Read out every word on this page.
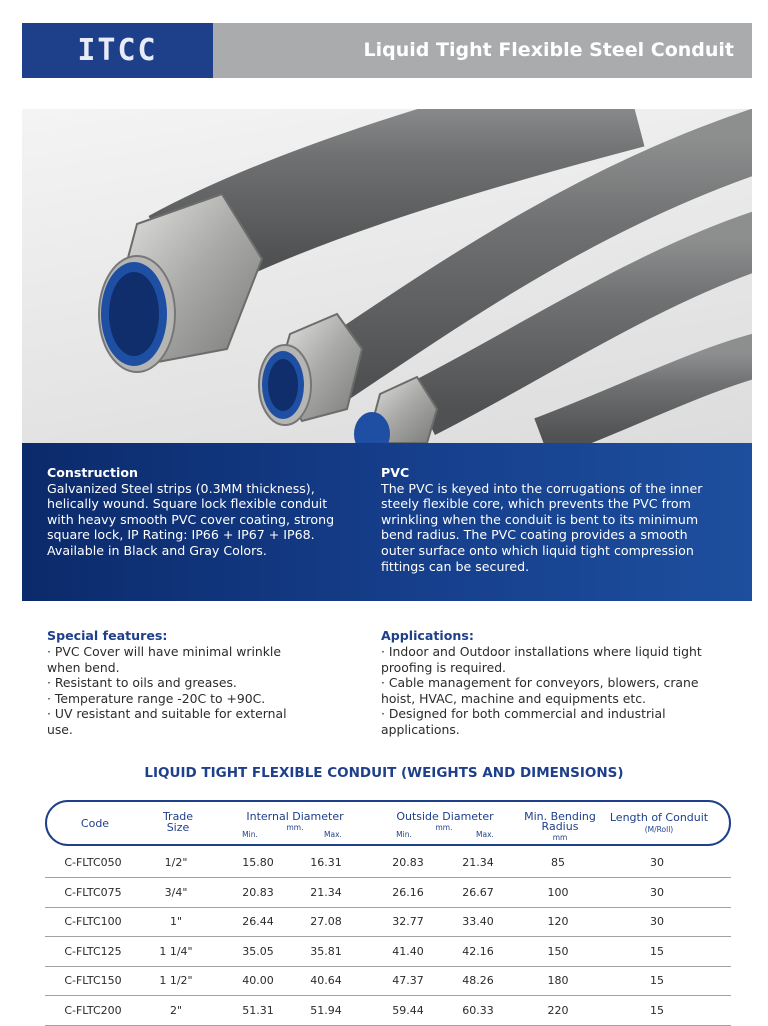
ITCC	Liquid Tight Flexible Steel Conduit
Construction

Galvanized Steel strips (0.3MM thickness),

helically wound. Square lock flexible conduit

with heavy smooth PVC cover coating, strong

square lock, IP Rating: IP66 + IP67 + IP68.

Available in Black and Gray Colors.

PVC

The PVC is keyed into the corrugations of the inner

steely flexible core, which prevents the PVC from

wrinkling when the conduit is bent to its minimum

bend radius. The PVC coating provides a smooth

outer surface onto which liquid tight compression

fittings can be secured.

Special features:
· PVC Cover will have minimal wrinkle
when bend.
· Resistant to oils and greases.
· Temperature range -20C to +90C.
· UV resistant and suitable for external
use.
Applications:
· Indoor and Outdoor installations where liquid tight
proofing is required.
· Cable management for conveyors, blowers, crane
hoist, HVAC, machine and equipments etc.
· Designed for both commercial and industrial
applications.
LIQUID TIGHT FLEXIBLE CONDUIT (WEIGHTS AND DIMENSIONS)
Code
Trade
Size
Internal Diameter
mm.
Min.	Max.
Outside Diameter
mm.
Min.	Max.
Min. Bending
Radius
mm
Length of Conduit
(M/Roll)
C-FLTC050	1/2"	15.80	16.31	20.83	21.34	85	30
C-FLTC075	3/4"	20.83	21.34	26.16	26.67	100	30
C-FLTC100	1"	26.44	27.08	32.77	33.40	120	30
C-FLTC125	1 1/4"	35.05	35.81	41.40	42.16	150	15
C-FLTC150	1 1/2"	40.00	40.64	47.37	48.26	180	15
C-FLTC200	2"	51.31	51.94	59.44	60.33	220	15
